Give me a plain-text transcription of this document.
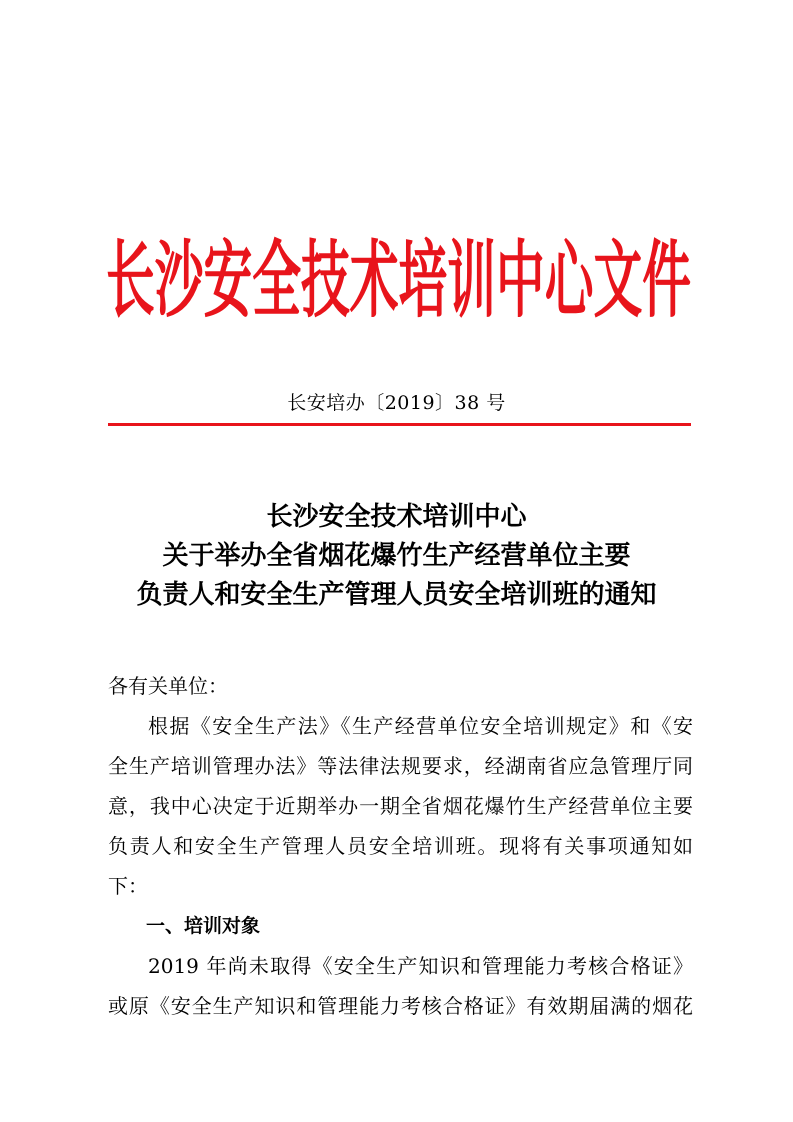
长沙安全技术培训中心文件
长安培办〔2019〕38 号
长沙安全技术培训中心
关于举办全省烟花爆竹生产经营单位主要
负责人和安全生产管理人员安全培训班的通知

各有关单位：

根据《安全生产法》《生产经营单位安全培训规定》和《安

全生产培训管理办法》等法律法规要求，经湖南省应急管理厅同

意，我中心决定于近期举办一期全省烟花爆竹生产经营单位主要

负责人和安全生产管理人员安全培训班。现将有关事项通知如

下：

一、培训对象

2019 年尚未取得《安全生产知识和管理能力考核合格证》

或原《安全生产知识和管理能力考核合格证》有效期届满的烟花
